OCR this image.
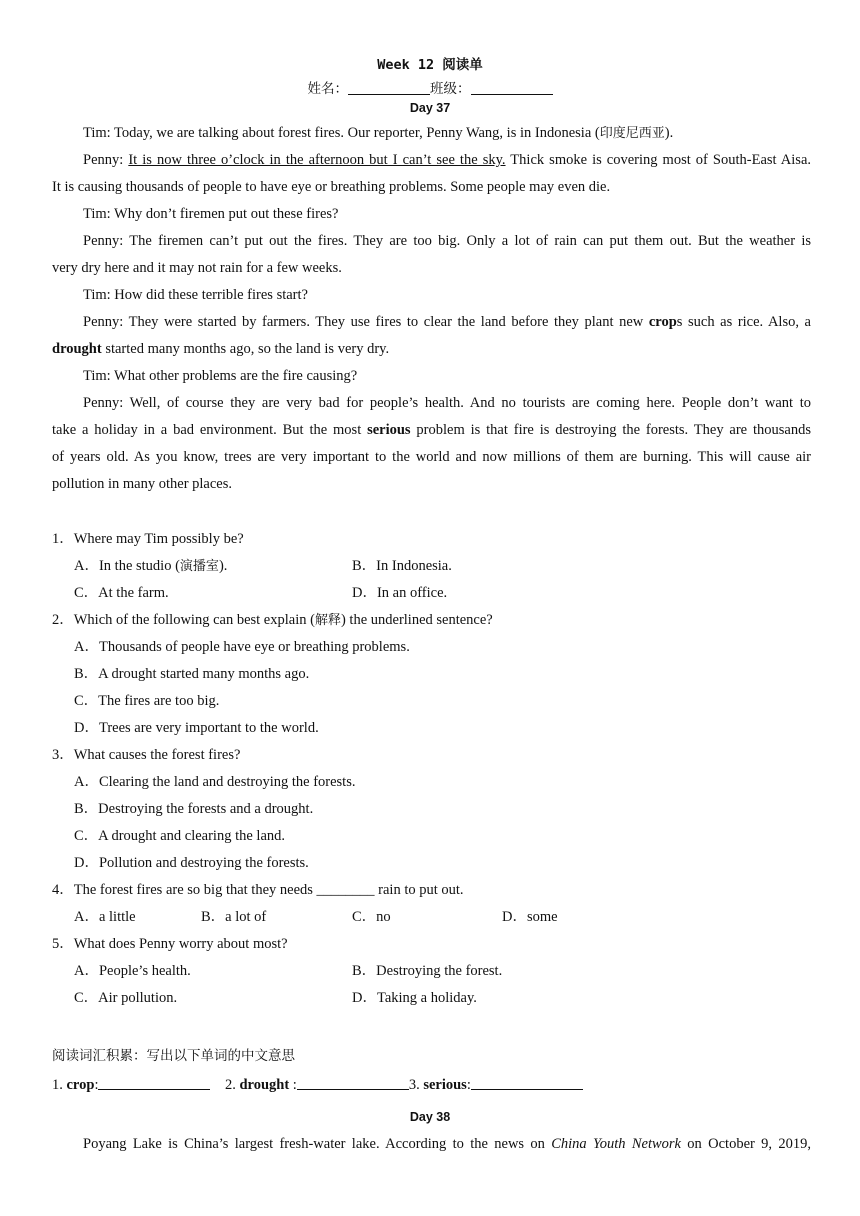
Week 12 阅读单
姓名：	班级：
Day 37
Tim: Today, we are talking about forest fires. Our reporter, Penny Wang, is in Indonesia (印度尼西亚).
Penny: It is now three o’clock in the afternoon but I can’t see the sky. Thick smoke is covering most of South-East Aisa.
It is causing thousands of people to have eye or breathing problems. Some people may even die.
Tim: Why don’t firemen put out these fires?
Penny: The firemen can’t put out the fires. They are too big. Only a lot of rain can put them out. But the weather is
very dry here and it may not rain for a few weeks.
Tim: How did these terrible fires start?
Penny: They were started by farmers. They use fires to clear the land before they plant new crops such as rice. Also, a
drought started many months ago, so the land is very dry.
Tim: What other problems are the fire causing?
Penny: Well, of course they are very bad for people’s health. And no tourists are coming here. People don’t want to
take a holiday in a bad environment. But the most serious problem is that fire is destroying the forests. They are thousands
of years old. As you know, trees are very important to the world and now millions of them are burning. This will cause air
pollution in many other places.
1．Where may Tim possibly be?
A．In the studio (演播室).	B．In Indonesia.
C．At the farm.	D．In an office.
2．Which of the following can best explain (解释) the underlined sentence?
A．Thousands of people have eye or breathing problems.
B．A drought started many months ago.
C．The fires are too big.
D．Trees are very important to the world.
3．What causes the forest fires?
A．Clearing the land and destroying the forests.
B．Destroying the forests and a drought.
C．A drought and clearing the land.
D．Pollution and destroying the forests.
4．The forest fires are so big that they needs ________ rain to put out.
A．a little	B．a lot of	C．no	D．some
5．What does Penny worry about most?
A．People’s health.	B．Destroying the forest.
C．Air pollution.	D．Taking a holiday.
阅读词汇积累：写出以下单词的中文意思
1. crop:	2. drought :	3. serious:
Day 38
Poyang Lake is China’s largest fresh-water lake. According to the news on China Youth Network on October 9, 2019,
